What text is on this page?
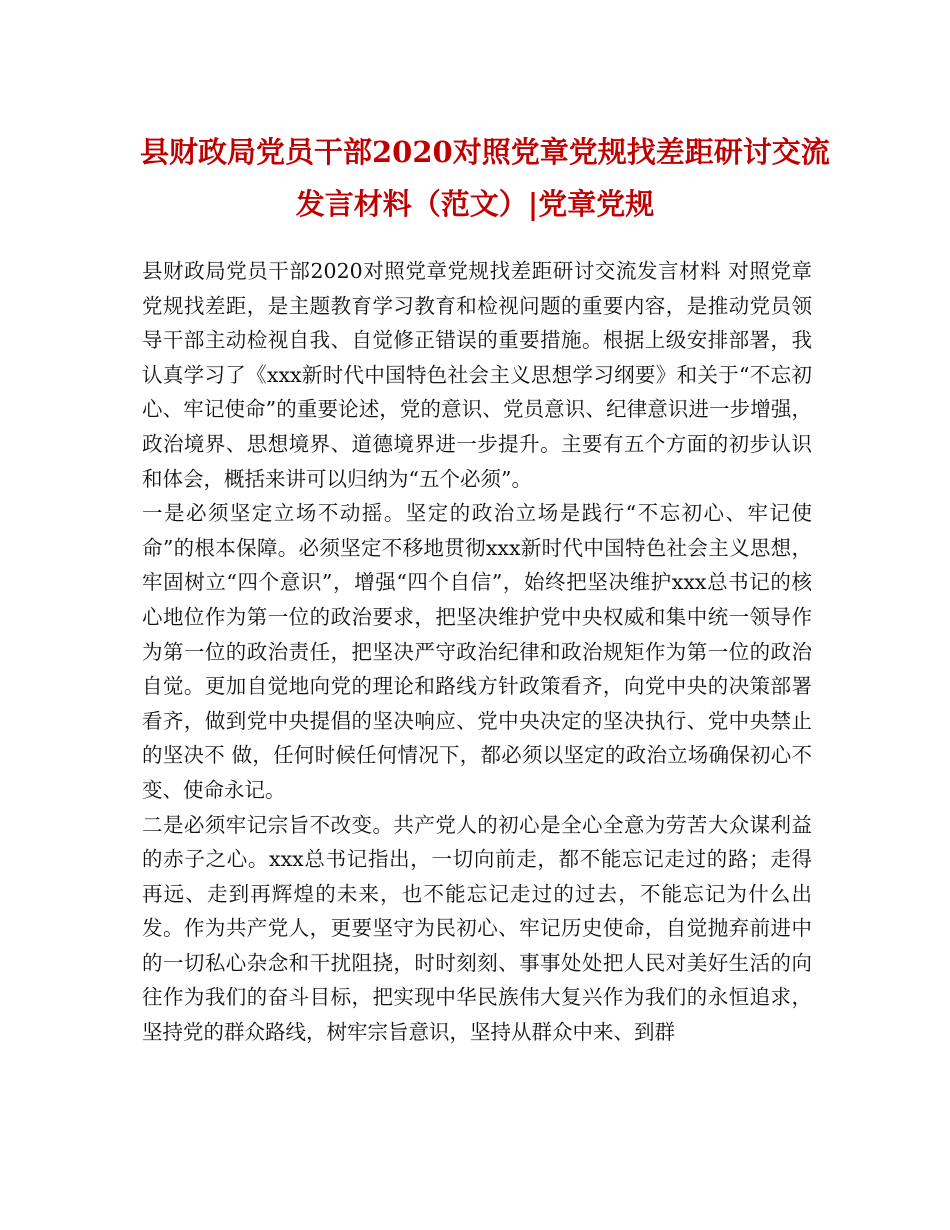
县财政局党员干部2020对照党章党规找差距研讨交流
发言材料（范文）|党章党规

县财政局党员干部2020对照党章党规找差距研讨交流发言材料 对照党章党规找差距，是主题教育学习教育和检视问题的重要内容，是推动党员领导干部主动检视自我、自觉修正错误的重要措施。根据上级安排部署，我认真学习了《xxx新时代中国特色社会主义思想学习纲要》和关于“不忘初心、牢记使命”的重要论述，党的意识、党员意识、纪律意识进一步增强，政治境界、思想境界、道德境界进一步提升。主要有五个方面的初步认识和体会，概括来讲可以归纳为“五个必须”。

一是必须坚定立场不动摇。坚定的政治立场是践行“不忘初心、牢记使命”的根本保障。必须坚定不移地贯彻xxx新时代中国特色社会主义思想，牢固树立“四个意识”，增强“四个自信”，始终把坚决维护xxx总书记的核心地位作为第一位的政治要求，把坚决维护党中央权威和集中统一领导作为第一位的政治责任，把坚决严守政治纪律和政治规矩作为第一位的政治自觉。更加自觉地向党的理论和路线方针政策看齐，向党中央的决策部署看齐，做到党中央提倡的坚决响应、党中央决定的坚决执行、党中央禁止的坚决不 做，任何时候任何情况下，都必须以坚定的政治立场确保初心不变、使命永记。

二是必须牢记宗旨不改变。共产党人的初心是全心全意为劳苦大众谋利益的赤子之心。xxx总书记指出，一切向前走，都不能忘记走过的路；走得再远、走到再辉煌的未来，也不能忘记走过的过去，不能忘记为什么出发。作为共产党人，更要坚守为民初心、牢记历史使命，自觉抛弃前进中的一切私心杂念和干扰阻挠，时时刻刻、事事处处把人民对美好生活的向往作为我们的奋斗目标，把实现中华民族伟大复兴作为我们的永恒追求，坚持党的群众路线，树牢宗旨意识，坚持从群众中来、到群
